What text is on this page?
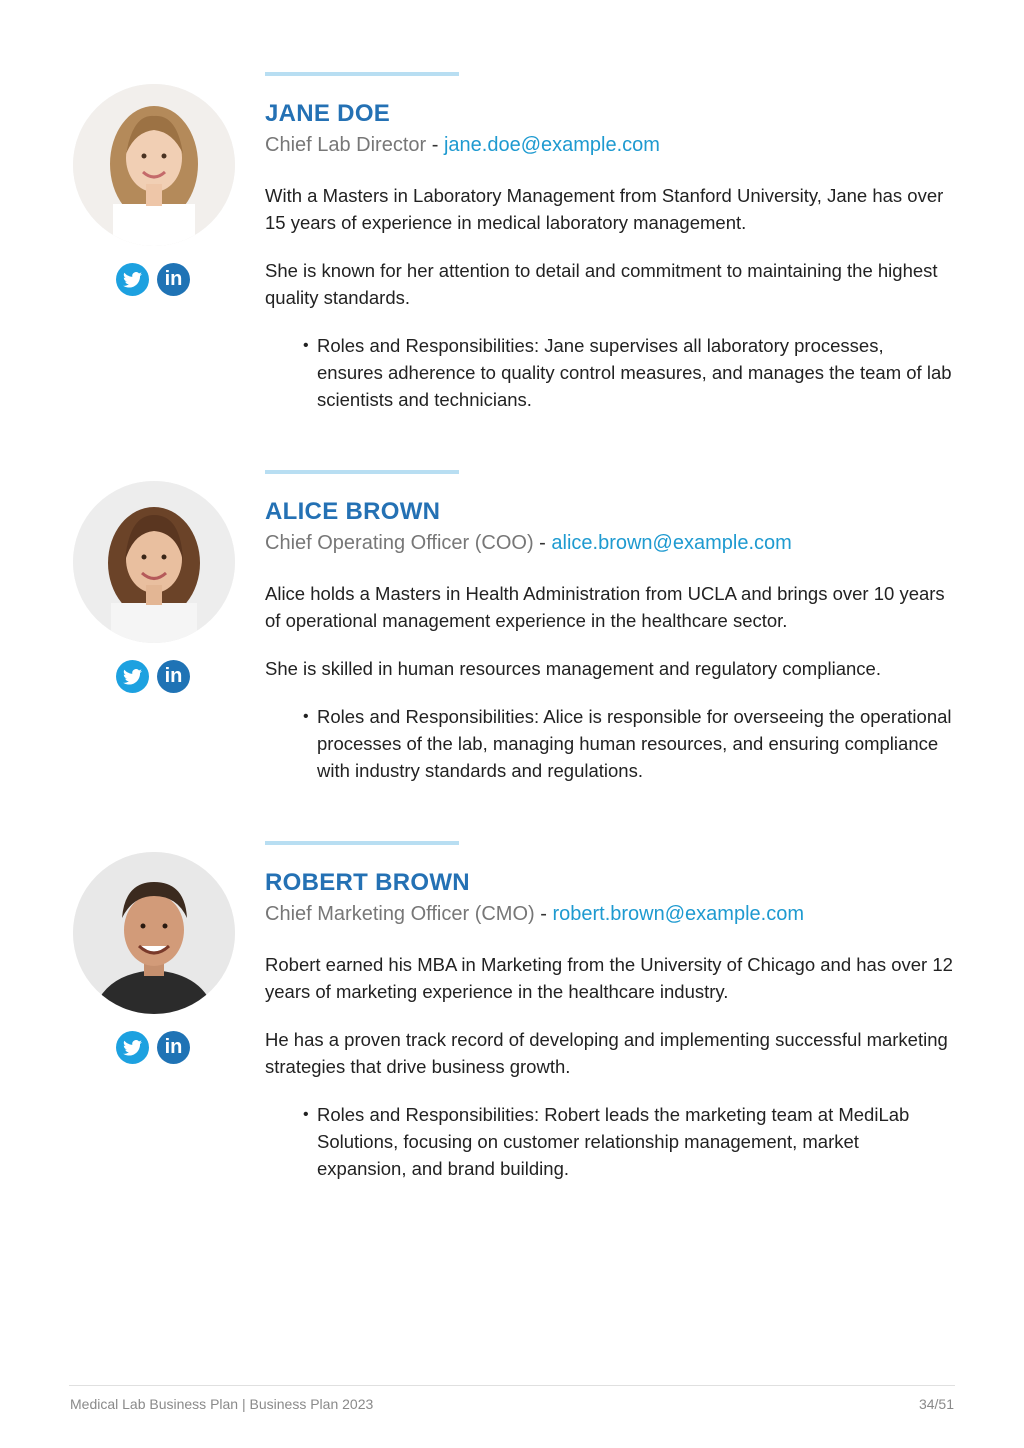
in
JANE DOE
Chief Lab Director - jane.doe@example.com
With a Masters in Laboratory Management from Stanford University, Jane has over 15 years of experience in medical laboratory management.
She is known for her attention to detail and commitment to maintaining the highest quality standards.
• Roles and Responsibilities: Jane supervises all laboratory processes, ensures adherence to quality control measures, and manages the team of lab scientists and technicians.
in
ALICE BROWN
Chief Operating Officer (COO) - alice.brown@example.com
Alice holds a Masters in Health Administration from UCLA and brings over 10 years of operational management experience in the healthcare sector.
She is skilled in human resources management and regulatory compliance.
• Roles and Responsibilities: Alice is responsible for overseeing the operational processes of the lab, managing human resources, and ensuring compliance with industry standards and regulations.
in
ROBERT BROWN
Chief Marketing Officer (CMO) - robert.brown@example.com
Robert earned his MBA in Marketing from the University of Chicago and has over 12 years of marketing experience in the healthcare industry.
He has a proven track record of developing and implementing successful marketing strategies that drive business growth.
• Roles and Responsibilities: Robert leads the marketing team at MediLab Solutions, focusing on customer relationship management, market expansion, and brand building.
Medical Lab Business Plan | Business Plan 2023	34/51
